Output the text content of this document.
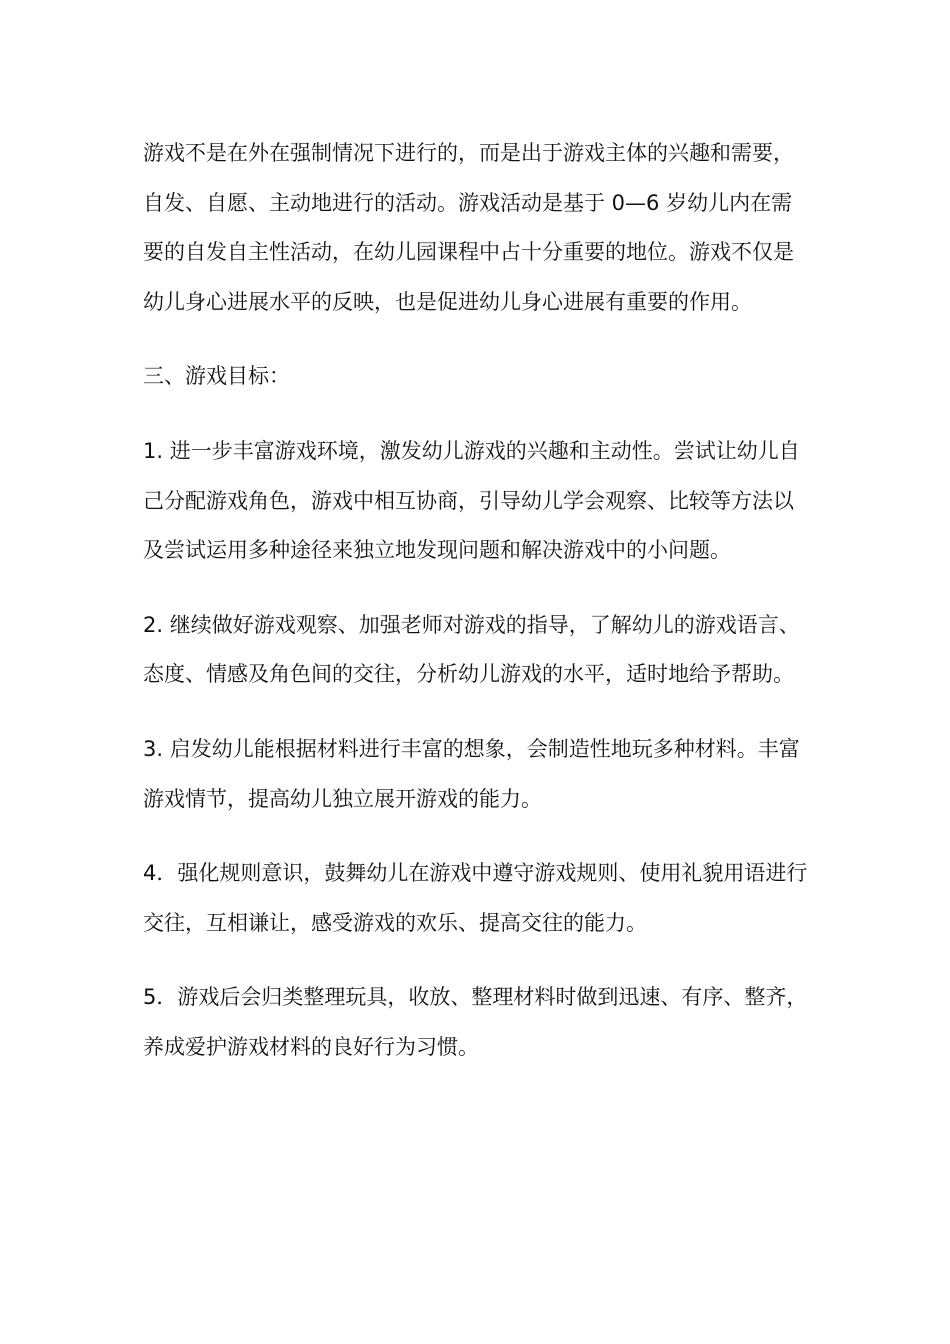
游戏不是在外在强制情况下进行的，而是出于游戏主体的兴趣和需要，自发、自愿、主动地进行的活动。游戏活动是基于 0—6 岁幼儿内在需要的自发自主性活动，在幼儿园课程中占十分重要的地位。游戏不仅是幼儿身心进展水平的反映，也是促进幼儿身心进展有重要的作用。

三、游戏目标：

1. 进一步丰富游戏环境，激发幼儿游戏的兴趣和主动性。尝试让幼儿自己分配游戏角色，游戏中相互协商，引导幼儿学会观察、比较等方法以及尝试运用多种途径来独立地发现问题和解决游戏中的小问题。

2. 继续做好游戏观察、加强老师对游戏的指导，了解幼儿的游戏语言、态度、情感及角色间的交往，分析幼儿游戏的水平，适时地给予帮助。

3. 启发幼儿能根据材料进行丰富的想象，会制造性地玩多种材料。丰富游戏情节，提高幼儿独立展开游戏的能力。

4．强化规则意识，鼓舞幼儿在游戏中遵守游戏规则、使用礼貌用语进行交往，互相谦让，感受游戏的欢乐、提高交往的能力。

5．游戏后会归类整理玩具，收放、整理材料时做到迅速、有序、整齐，养成爱护游戏材料的良好行为习惯。
